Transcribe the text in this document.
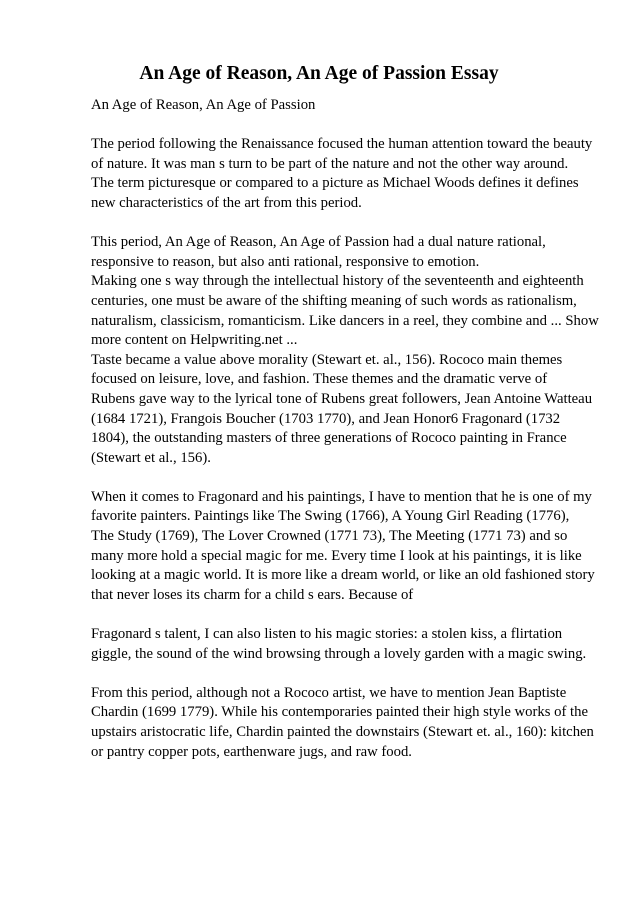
An Age of Reason, An Age of Passion Essay

An Age of Reason, An Age of Passion

The period following the Renaissance focused the human attention toward the beauty
of nature. It was man s turn to be part of the nature and not the other way around.
The term picturesque or compared to a picture as Michael Woods defines it defines
new characteristics of the art from this period.

This period, An Age of Reason, An Age of Passion had a dual nature rational,
responsive to reason, but also anti rational, responsive to emotion.
Making one s way through the intellectual history of the seventeenth and eighteenth
centuries, one must be aware of the shifting meaning of such words as rationalism,
naturalism, classicism, romanticism. Like dancers in a reel, they combine and ... Show
more content on Helpwriting.net ...
Taste became a value above morality (Stewart et. al., 156). Rococo main themes
focused on leisure, love, and fashion. These themes and the dramatic verve of
Rubens gave way to the lyrical tone of Rubens great followers, Jean Antoine Watteau
(1684 1721), Frangois Boucher (1703 1770), and Jean Honor6 Fragonard (1732
1804), the outstanding masters of three generations of Rococo painting in France
(Stewart et al., 156).

When it comes to Fragonard and his paintings, I have to mention that he is one of my
favorite painters. Paintings like The Swing (1766), A Young Girl Reading (1776),
The Study (1769), The Lover Crowned (1771 73), The Meeting (1771 73) and so
many more hold a special magic for me. Every time I look at his paintings, it is like
looking at a magic world. It is more like a dream world, or like an old fashioned story
that never loses its charm for a child s ears. Because of

Fragonard s talent, I can also listen to his magic stories: a stolen kiss, a flirtation
giggle, the sound of the wind browsing through a lovely garden with a magic swing.

From this period, although not a Rococo artist, we have to mention Jean Baptiste
Chardin (1699 1779). While his contemporaries painted their high style works of the
upstairs aristocratic life, Chardin painted the downstairs (Stewart et. al., 160): kitchen
or pantry copper pots, earthenware jugs, and raw food.
